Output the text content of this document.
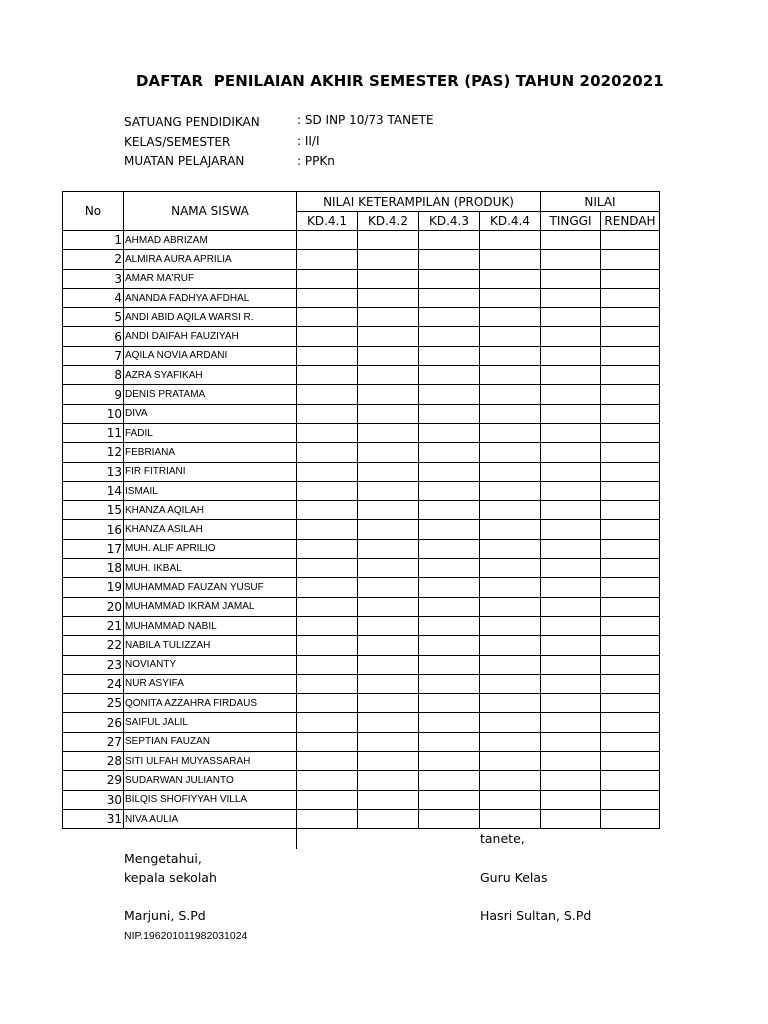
DAFTAR  PENILAIAN AKHIR SEMESTER (PAS) TAHUN 20202021
SATUANG PENDIDIKAN	: SD INP 10/73 TANETE
KELAS/SEMESTER	: II/I
MUATAN PELAJARAN	: PPKn
No	NAMA SISWA	NILAI KETERAMPILAN (PRODUK)				NILAI	
		KD.4.1	KD.4.2	KD.4.3	KD.4.4	TINGGI	RENDAH
1	AHMAD ABRIZAM						
2	ALMIRA AURA APRILIA						
3	AMAR MA'RUF						
4	ANANDA FADHYA AFDHAL						
5	ANDI ABID AQILA WARSI R.						
6	ANDI DAIFAH FAUZIYAH						
7	AQILA NOVIA ARDANI						
8	AZRA SYAFIKAH						
9	DENIS PRATAMA						
10	DIVA						
11	FADIL						
12	FEBRIANA						
13	FIR FITRIANI						
14	ISMAIL						
15	KHANZA AQILAH						
16	KHANZA ASILAH						
17	MUH. ALIF APRILIO						
18	MUH. IKBAL						
19	MUHAMMAD FAUZAN YUSUF						
20	MUHAMMAD IKRAM JAMAL						
21	MUHAMMAD NABIL						
22	NABILA TULIZZAH						
23	NOVIANTY						
24	NUR ASYIFA						
25	QONITA AZZAHRA FIRDAUS						
26	SAIFUL JALIL						
27	SEPTIAN FAUZAN						
28	SITI ULFAH MUYASSARAH						
29	SUDARWAN JULIANTO						
30	BILQIS SHOFIYYAH VILLA						
31	NIVA AULIA						
tanete,
Mengetahui,
kepala sekolah	Guru Kelas
Marjuni, S.Pd	Hasri Sultan, S.Pd
NIP.196201011982031024
